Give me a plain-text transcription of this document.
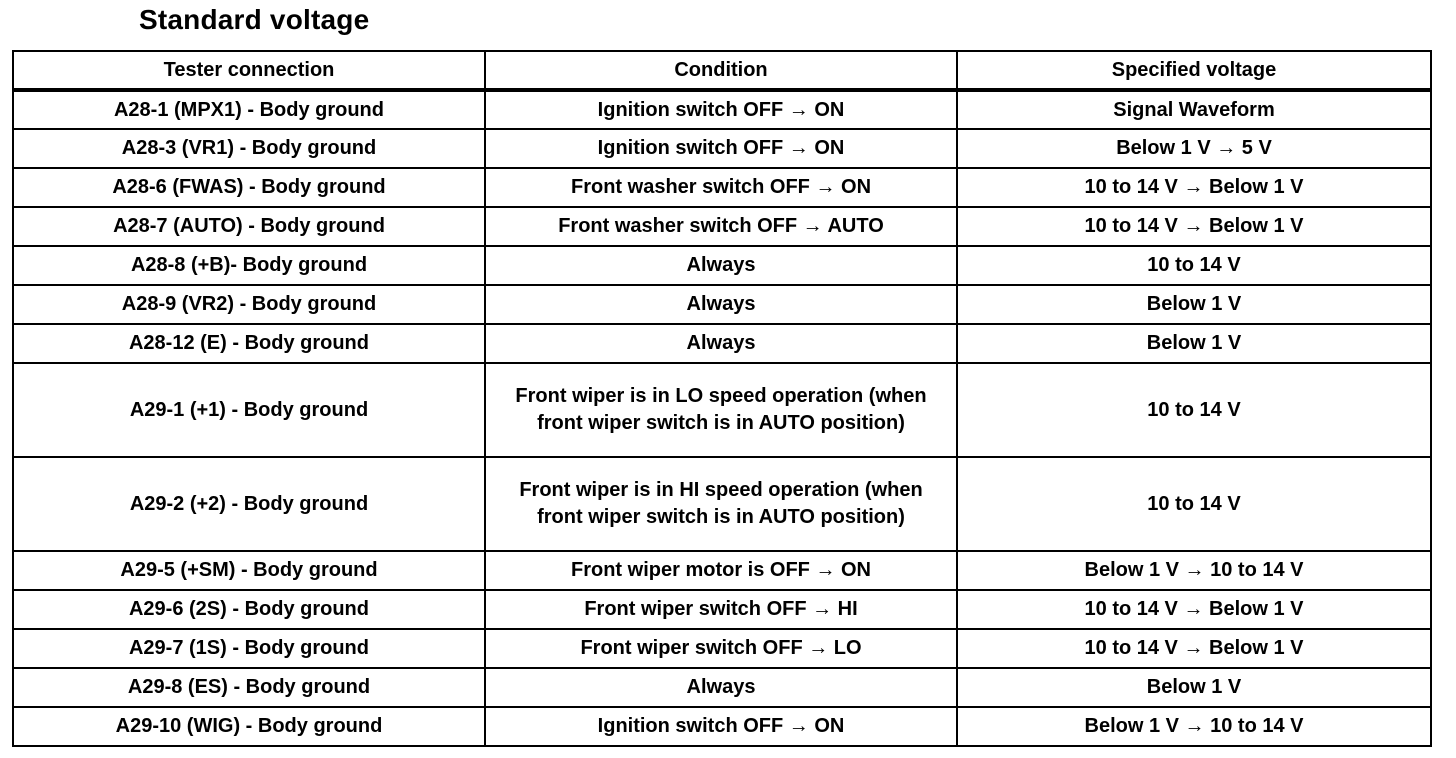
Standard voltage
Tester connection	Condition	Specified voltage
A28-1 (MPX1) - Body ground	Ignition switch OFF → ON	Signal Waveform
A28-3 (VR1) - Body ground	Ignition switch OFF → ON	Below 1 V → 5 V
A28-6 (FWAS) - Body ground	Front washer switch OFF → ON	10 to 14 V → Below 1 V
A28-7 (AUTO) - Body ground	Front washer switch OFF → AUTO	10 to 14 V → Below 1 V
A28-8 (+B)- Body ground	Always	10 to 14 V
A28-9 (VR2) - Body ground	Always	Below 1 V
A28-12 (E) - Body ground	Always	Below 1 V
A29-1 (+1) - Body ground	Front wiper is in LO speed operation (when front wiper switch is in AUTO position)	10 to 14 V
A29-2 (+2) - Body ground	Front wiper is in HI speed operation (when front wiper switch is in AUTO position)	10 to 14 V
A29-5 (+SM) - Body ground	Front wiper motor is OFF → ON	Below 1 V → 10 to 14 V
A29-6 (2S) - Body ground	Front wiper switch OFF → HI	10 to 14 V → Below 1 V
A29-7 (1S) - Body ground	Front wiper switch OFF → LO	10 to 14 V → Below 1 V
A29-8 (ES) - Body ground	Always	Below 1 V
A29-10 (WIG) - Body ground	Ignition switch OFF → ON	Below 1 V → 10 to 14 V
